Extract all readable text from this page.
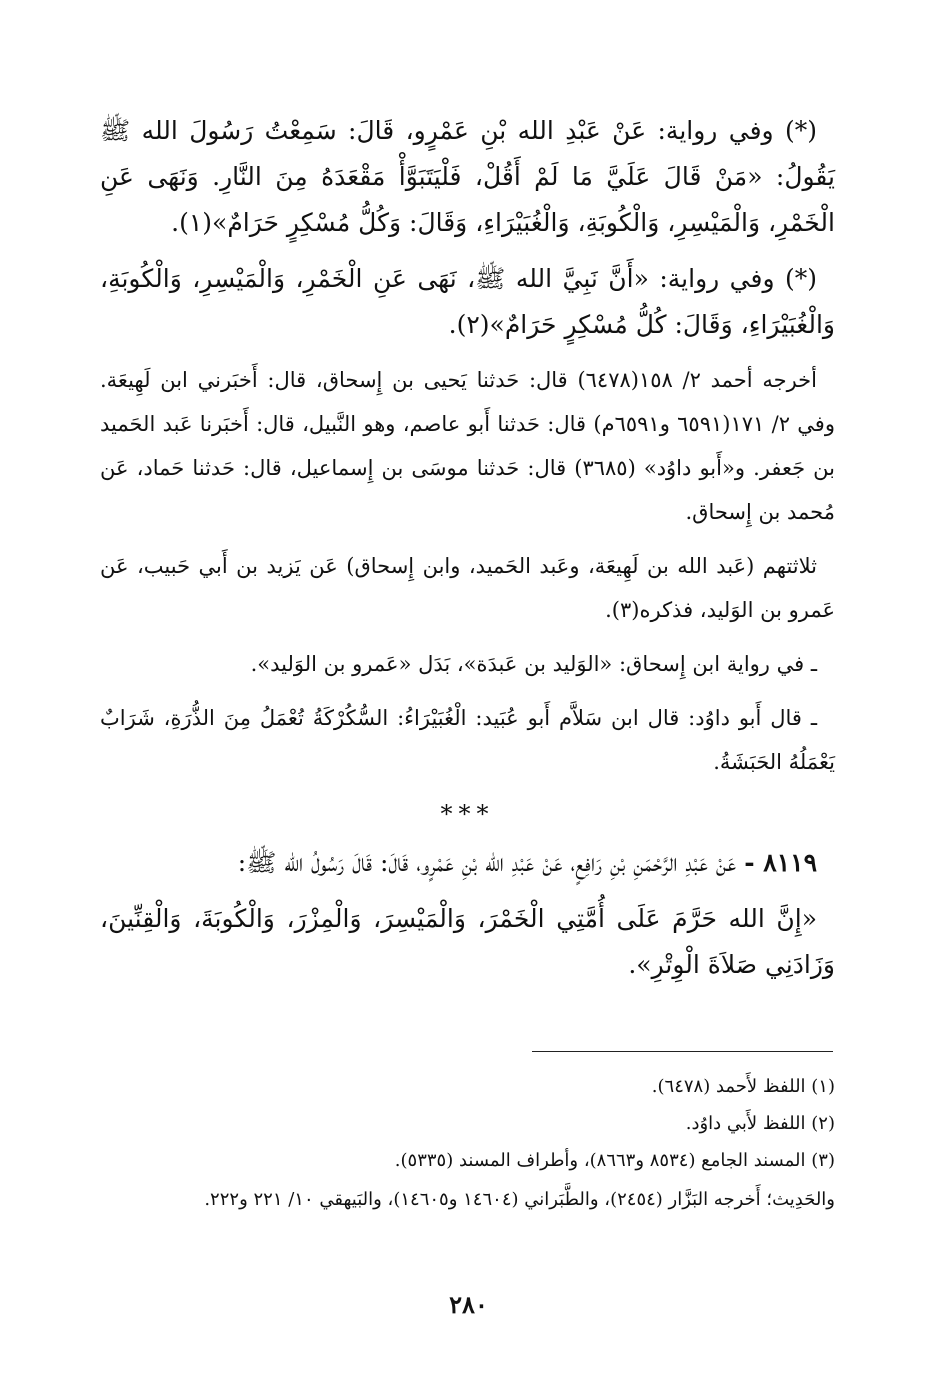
(*) وفي رواية: عَنْ عَبْدِ الله بْنِ عَمْرٍو، قَالَ: سَمِعْتُ رَسُولَ الله ﷺ يَقُولُ: «مَنْ قَالَ عَلَيَّ مَا لَمْ أَقُلْ، فَلْيَتَبَوَّأْ مَقْعَدَهُ مِنَ النَّارِ. وَنَهَى عَنِ الْخَمْرِ، وَالْمَيْسِرِ، وَالْكُوبَةِ، وَالْغُبَيْرَاءِ، وَقَالَ: وَكُلُّ مُسْكِرٍ حَرَامٌ»(١).

(*) وفي رواية: «أَنَّ نَبِيَّ الله ﷺ، نَهَى عَنِ الْخَمْرِ، وَالْمَيْسِرِ، وَالْكُوبَةِ، وَالْغُبَيْرَاءِ، وَقَالَ: كُلُّ مُسْكِرٍ حَرَامٌ»(٢).

أخرجه أحمد ٢/ ١٥٨(٦٤٧٨) قال: حَدثنا يَحيى بن إِسحاق، قال: أَخبَرني ابن لَهِيعَة. وفي ٢/ ١٧١(٦٥٩١ و٦٥٩١م) قال: حَدثنا أَبو عاصم، وهو النَّبيل، قال: أَخبَرنا عَبد الحَميد بن جَعفر. و«أَبو داوُد» (٣٦٨٥) قال: حَدثنا موسَى بن إِسماعيل، قال: حَدثنا حَماد، عَن مُحمد بن إِسحاق.

ثلاثتهم (عَبد الله بن لَهِيعَة، وعَبد الحَميد، وابن إِسحاق) عَن يَزيد بن أَبي حَبيب، عَن عَمرو بن الوَليد، فذكره(٣).

ـ في رواية ابن إِسحاق: «الوَليد بن عَبدَة»، بَدَل «عَمرو بن الوَليد».

ـ قال أَبو داوُد: قال ابن سَلاَّم أَبو عُبَيد: الْغُبَيْرَاءُ: السُّكُرْكَةُ تُعْمَلُ مِنَ الذُّرَةِ، شَرَابٌ يَعْمَلُهُ الحَبَشَةُ.

***

٨١١٩ - عَنْ عَبْدِ الرَّحْمَنِ بْنِ رَافِعٍ، عَنْ عَبْدِ الله بْنِ عَمْرٍو، قَالَ: قَالَ رَسُولُ الله ﷺ:

«إِنَّ الله حَرَّمَ عَلَى أُمَّتِي الْخَمْرَ، وَالْمَيْسِرَ، وَالْمِزْرَ، وَالْكُوبَةَ، وَالْقِنِّينَ، وَزَادَنِي صَلاَةَ الْوِتْرِ».

(١) اللفظ لأَحمد (٦٤٧٨).

(٢) اللفظ لأَبي داوُد.

(٣) المسند الجامع (٨٥٣٤ و٨٦٦٣)، وأطراف المسند (٥٣٣٥).

والحَدِيث؛ أَخرجه البَزَّار (٢٤٥٤)، والطَّبَراني (١٤٦٠٤ و١٤٦٠٥)، والبَيهقي ١٠/ ٢٢١ و٢٢٢.

٢٨٠
